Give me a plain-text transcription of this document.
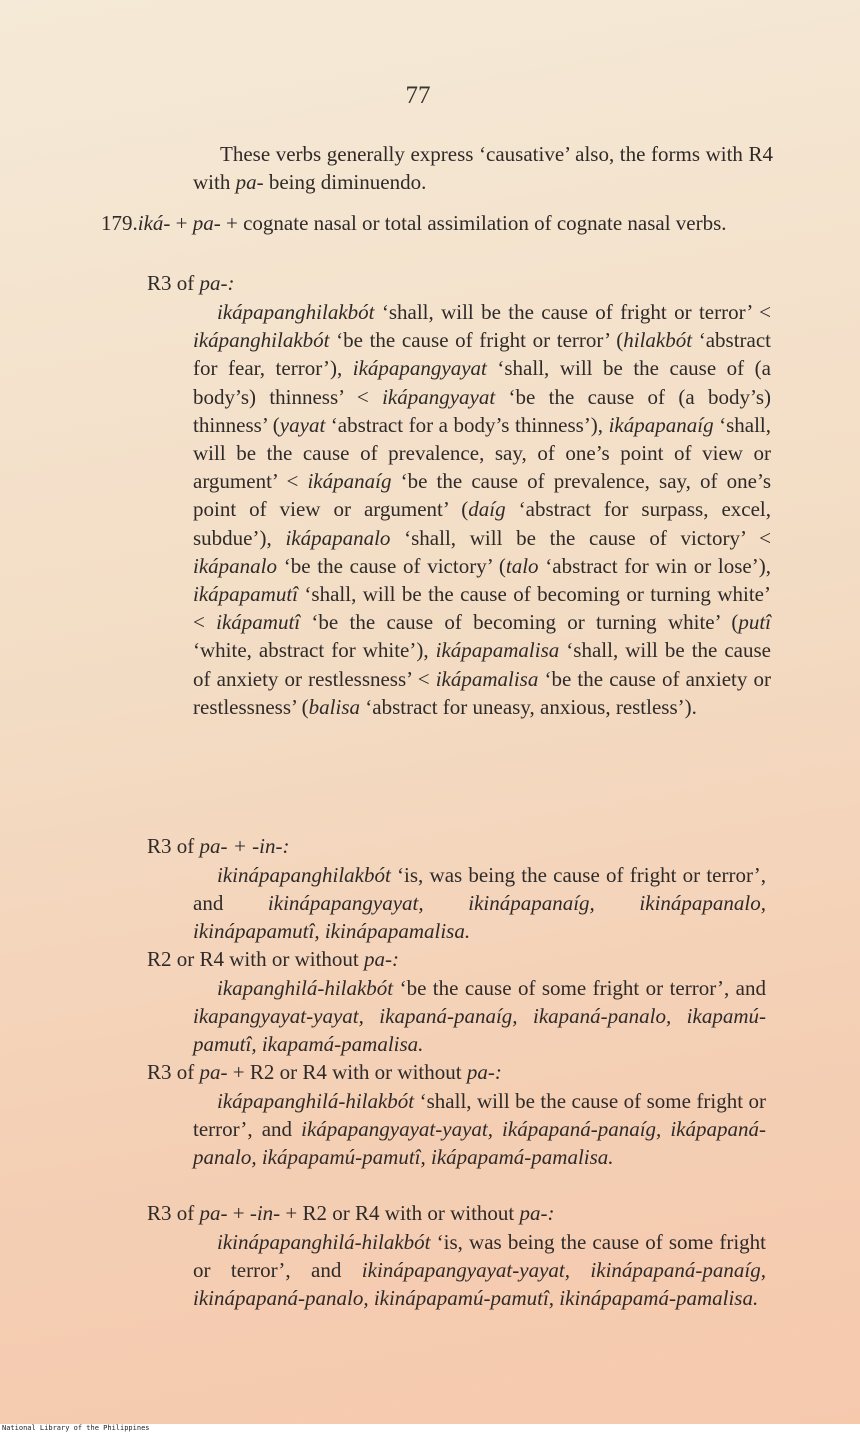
77

These verbs generally express ‘causative’ also, the forms with R4 with pa- being diminuendo.

179.iká- + pa- + cognate nasal or total assimilation of cognate nasal verbs.

R3 of pa-:

ikápapanghilakbót ‘shall, will be the cause of fright or terror’ < ikápanghilakbót ‘be the cause of fright or terror’ (hilakbót ‘abstract for fear, terror’), ikápapangyayat ‘shall, will be the cause of (a body’s) thinness’ < ikápangyayat ‘be the cause of (a body’s) thinness’ (yayat ‘abstract for a body’s thinness’), ikápapanaíg ‘shall, will be the cause of prevalence, say, of one’s point of view or argument’ < ikápanaíg ‘be the cause of prevalence, say, of one’s point of view or argument’ (daíg ‘abstract for surpass, excel, subdue’), ikápapanalo ‘shall, will be the cause of victory’ < ikápanalo ‘be the cause of victory’ (talo ‘abstract for win or lose’), ikápapamutî ‘shall, will be the cause of becoming or turning white’ < ikápamutî ‘be the cause of becoming or turning white’ (putî ‘white, abstract for white’), ikápapamalisa ‘shall, will be the cause of anxiety or restlessness’ < ikápamalisa ‘be the cause of anxiety or restlessness’ (balisa ‘abstract for uneasy, anxious, restless’).

R3 of pa- + -in-:

ikinápapanghilakbót ‘is, was being the cause of fright or terror’, and ikinápapangyayat, ikinápapanaíg, ikinápapanalo, ikinápapamutî, ikinápapamalisa.

R2 or R4 with or without pa-:

ikapanghilá-hilakbót ‘be the cause of some fright or terror’, and ikapangyayat-yayat, ikapaná-panaíg, ikapaná-panalo, ikapamú-pamutî, ikapamá-pamalisa.

R3 of pa- + R2 or R4 with or without pa-:

ikápapanghilá-hilakbót ‘shall, will be the cause of some fright or terror’, and ikápapangyayat-yayat, ikápapaná-panaíg, ikápapaná-panalo, ikápapamú-pamutî, ikápapamá-pamalisa.

R3 of pa- + -in- + R2 or R4 with or without pa-:

ikinápapanghilá-hilakbót ‘is, was being the cause of some fright or terror’, and ikinápapangyayat-yayat, ikinápapaná-panaíg, ikinápapaná-panalo, ikinápapamú-pamutî, ikinápapamá-pamalisa.

National Library of the Philippines
